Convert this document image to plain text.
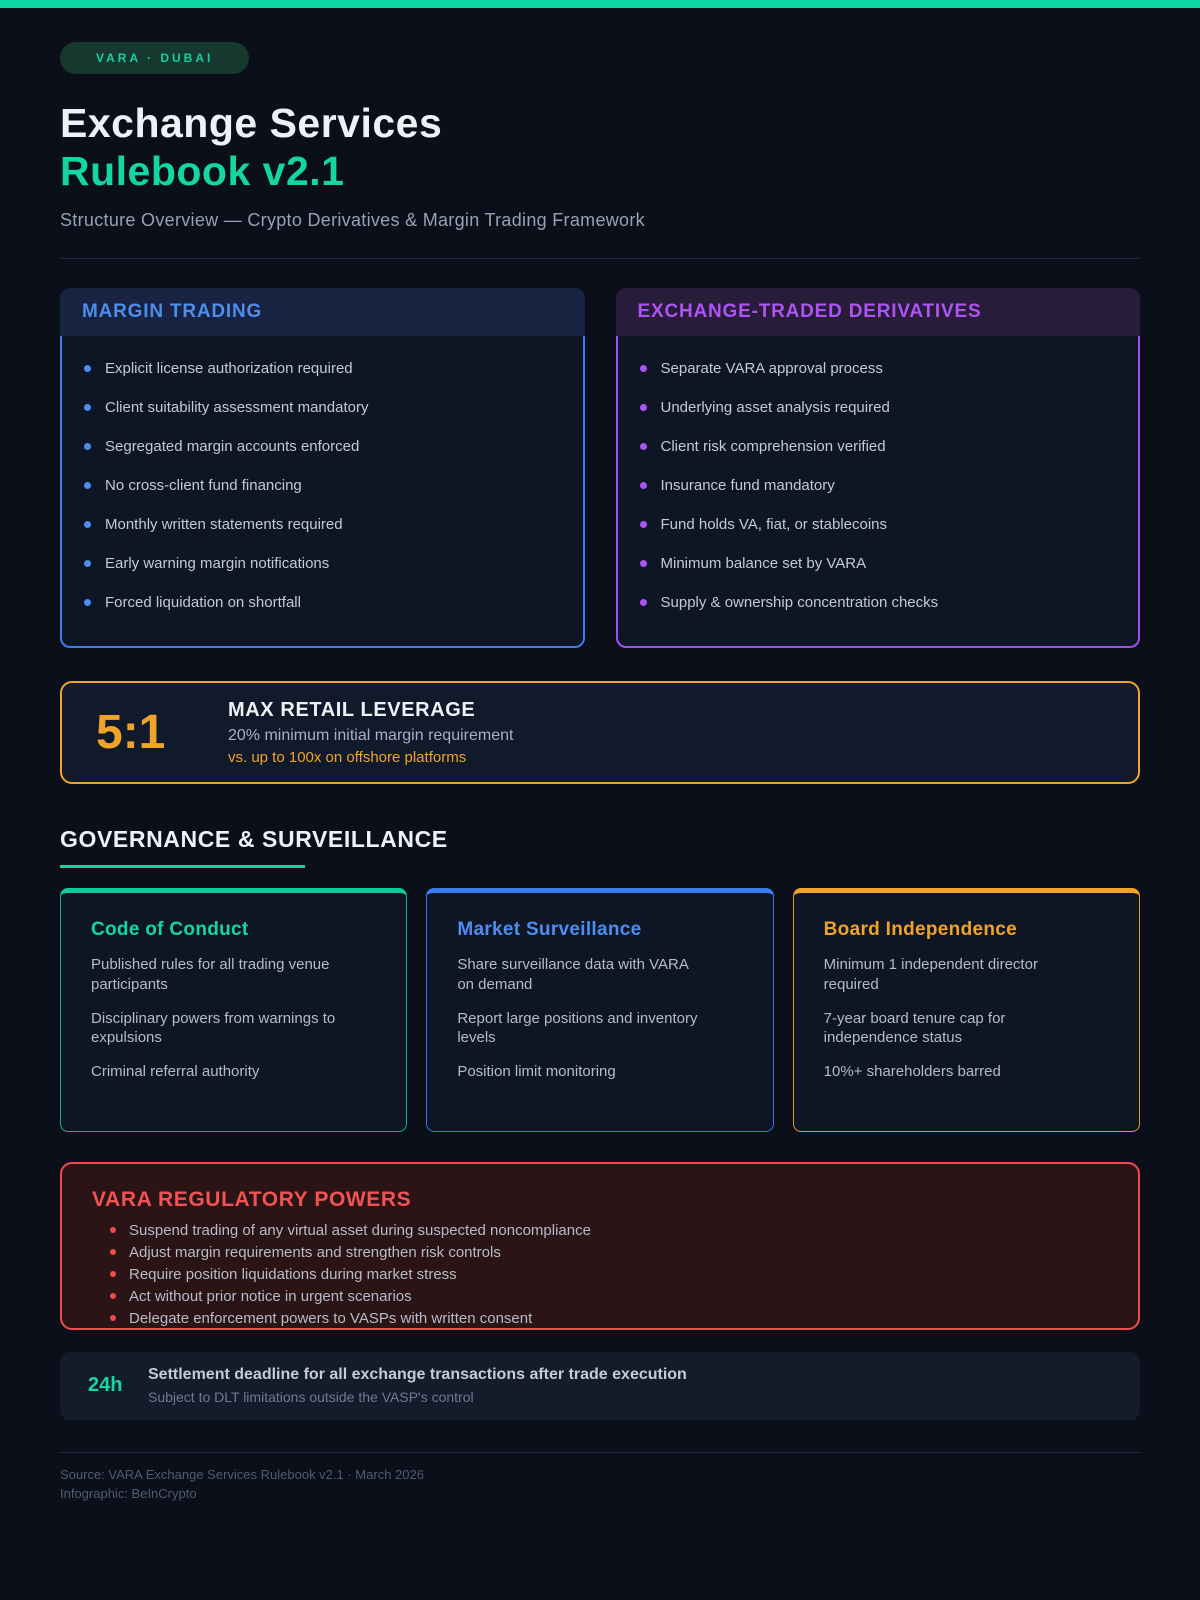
VARA · DUBAI
Exchange Services
Rulebook v2.1
Structure Overview — Crypto Derivatives & Margin Trading Framework
MARGIN TRADING
Explicit license authorization required
Client suitability assessment mandatory
Segregated margin accounts enforced
No cross-client fund financing
Monthly written statements required
Early warning margin notifications
Forced liquidation on shortfall
EXCHANGE-TRADED DERIVATIVES
Separate VARA approval process
Underlying asset analysis required
Client risk comprehension verified
Insurance fund mandatory
Fund holds VA, fiat, or stablecoins
Minimum balance set by VARA
Supply & ownership concentration checks
5:1	MAX RETAIL LEVERAGE
20% minimum initial margin requirement
vs. up to 100x on offshore platforms
GOVERNANCE & SURVEILLANCE
Code of Conduct

Published rules for all trading venue participants

Disciplinary powers from warnings to expulsions

Criminal referral authority

Market Surveillance

Share surveillance data with VARA on demand

Report large positions and inventory levels

Position limit monitoring

Board Independence

Minimum 1 independent director required

7-year board tenure cap for independence status

10%+ shareholders barred

VARA REGULATORY POWERS
Suspend trading of any virtual asset during suspected noncompliance
Adjust margin requirements and strengthen risk controls
Require position liquidations during market stress
Act without prior notice in urgent scenarios
Delegate enforcement powers to VASPs with written consent
24h	Settlement deadline for all exchange transactions after trade execution
Subject to DLT limitations outside the VASP's control
Source: VARA Exchange Services Rulebook v2.1 · March 2026
Infographic: BeInCrypto
